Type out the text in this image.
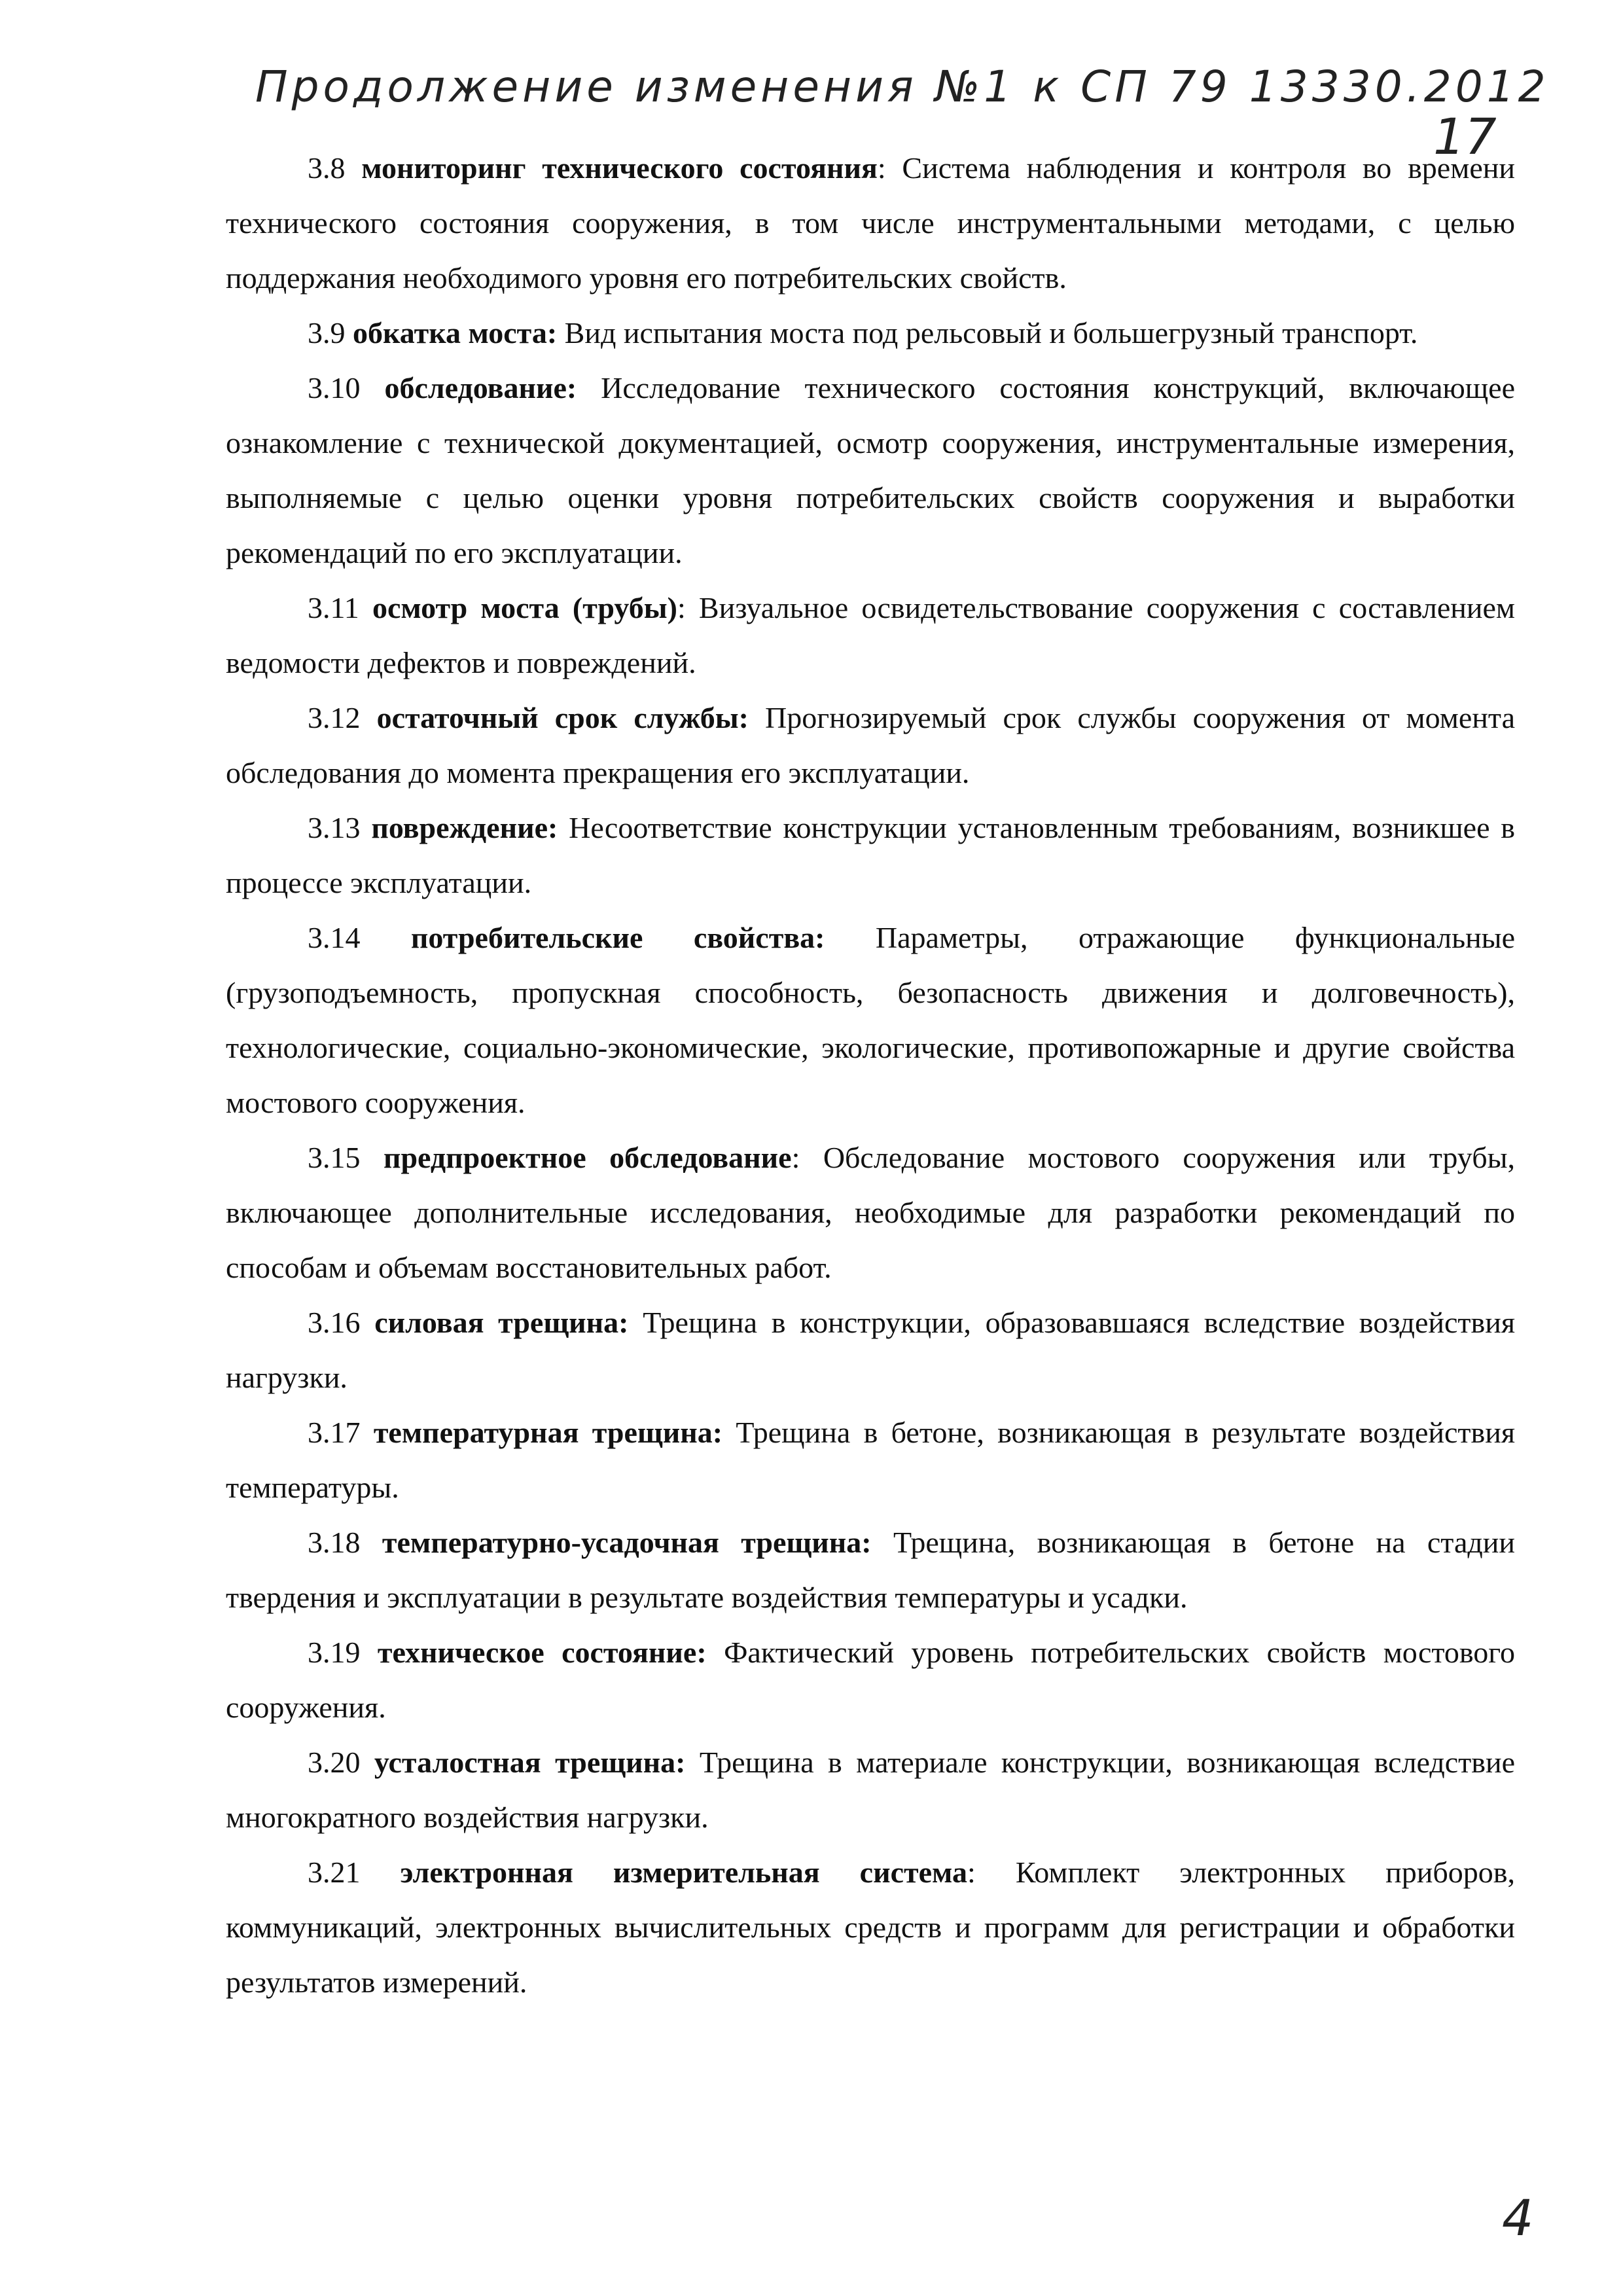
Продолжение изменения №1 к СП 79 13330.2012
17

3.8 мониторинг технического состояния: Система наблюдения и контроля во времени технического состояния сооружения, в том числе инструментальными методами, с целью поддержания необходимого уровня его потребительских свойств.

3.9 обкатка моста: Вид испытания моста под рельсовый и большегрузный транспорт.

3.10 обследование: Исследование технического состояния конструкций, включающее ознакомление с технической документацией, осмотр сооружения, инструментальные измерения, выполняемые с целью оценки уровня потребительских свойств сооружения и выработки рекомендаций по его эксплуатации.

3.11 осмотр моста (трубы): Визуальное освидетельствование сооружения с составлением ведомости дефектов и повреждений.

3.12 остаточный срок службы: Прогнозируемый срок службы сооружения от момента обследования до момента прекращения его эксплуатации.

3.13 повреждение: Несоответствие конструкции установленным требованиям, возникшее в процессе эксплуатации.

3.14 потребительские свойства: Параметры, отражающие функциональные (грузоподъемность, пропускная способность, безопасность движения и долговечность), технологические, социально-экономические, экологические, противопожарные и другие свойства мостового сооружения.

3.15 предпроектное обследование: Обследование мостового сооружения или трубы, включающее дополнительные исследования, необходимые для разработки рекомендаций по способам и объемам восстановительных работ.

3.16 силовая трещина: Трещина в конструкции, образовавшаяся вследствие воздействия нагрузки.

3.17 температурная трещина: Трещина в бетоне, возникающая в результате воздействия температуры.

3.18 температурно-усадочная трещина: Трещина, возникающая в бетоне на стадии твердения и эксплуатации в результате воздействия температуры и усадки.

3.19 техническое состояние: Фактический уровень потребительских свойств мостового сооружения.

3.20 усталостная трещина: Трещина в материале конструкции, возникающая вследствие многократного воздействия нагрузки.

3.21 электронная измерительная система: Комплект электронных приборов, коммуникаций, электронных вычислительных средств и программ для регистрации и обработки результатов измерений.

4
